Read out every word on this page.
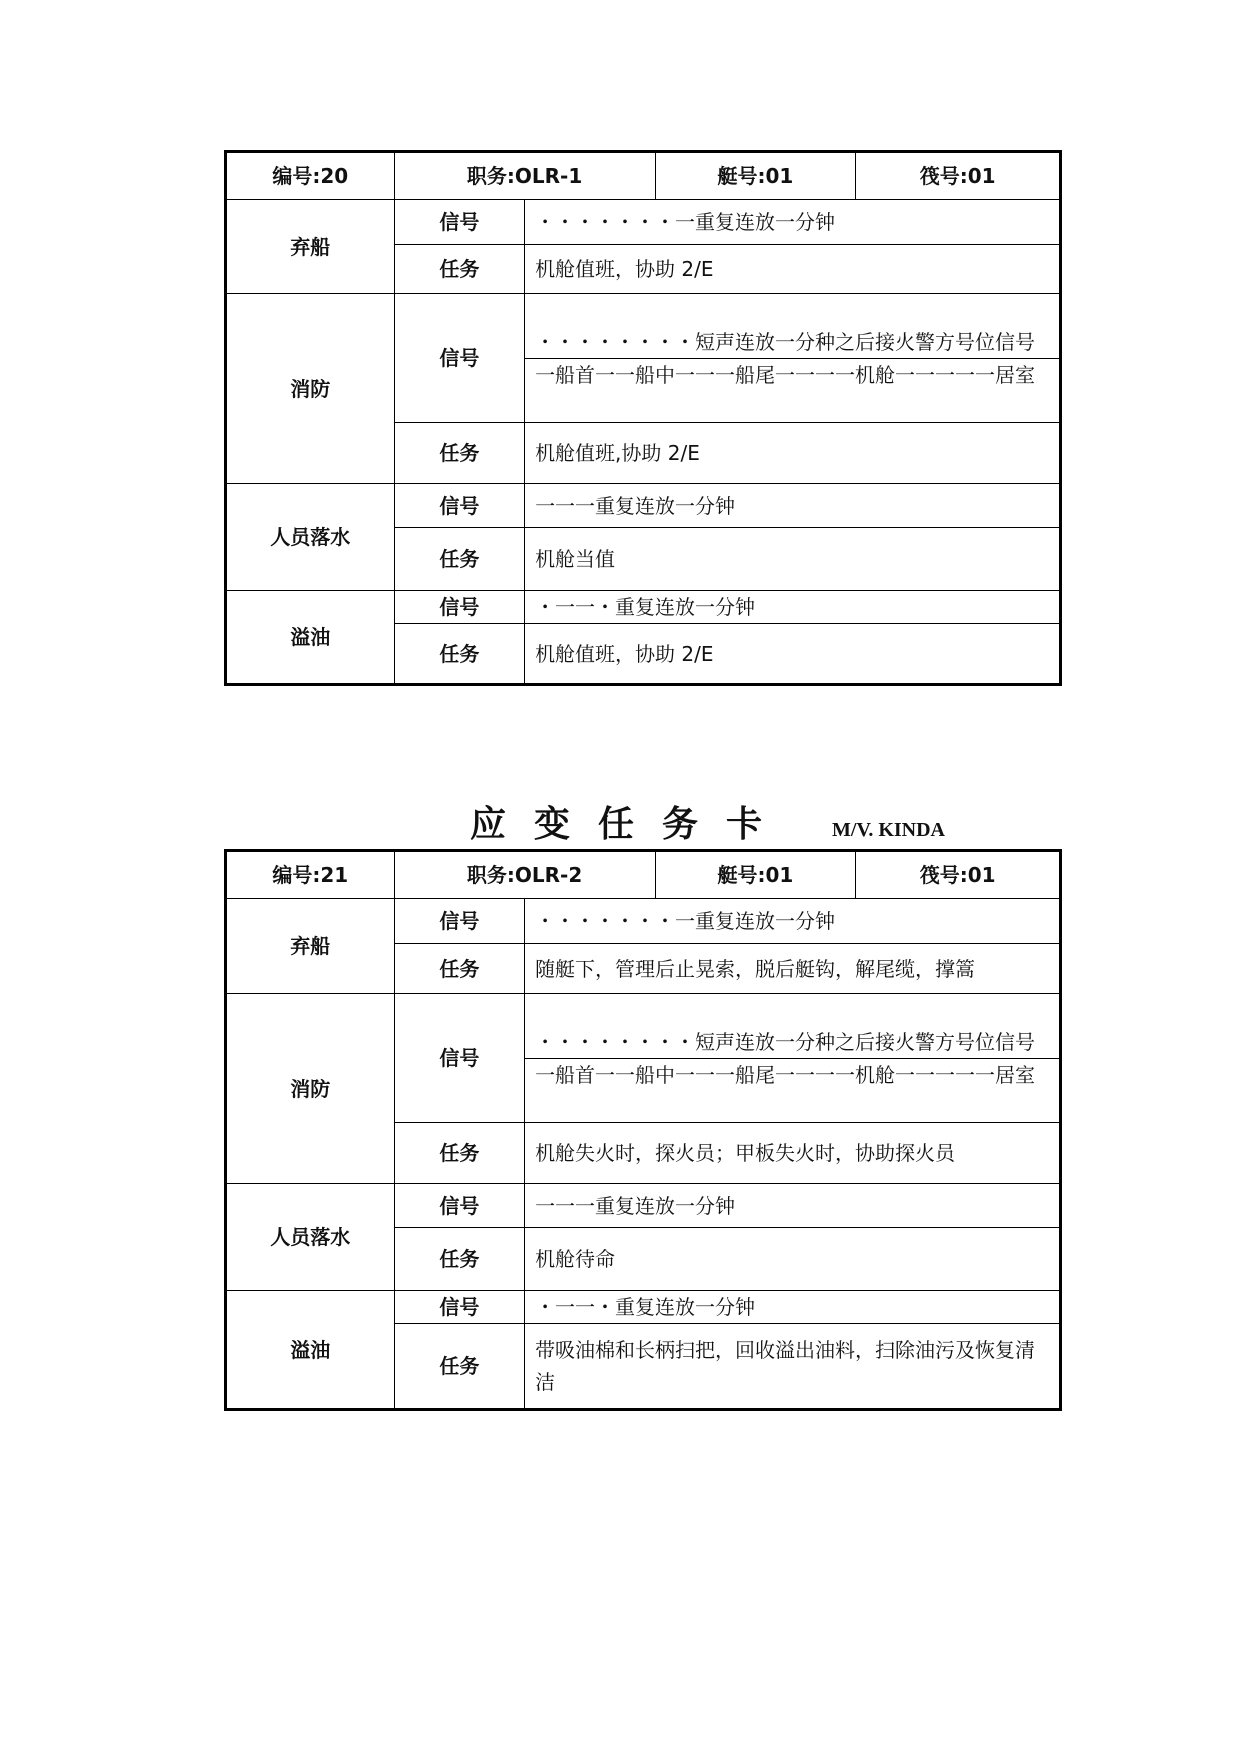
编号:20	职务:OLR-1		艇号:01	筏号:01
弃船	信号	・・・・・・・一重复连放一分钟		
	任务	机舱值班，协助 2/E		
消防	信号	・・・・・・・・短声连放一分种之后接火警方号位信号
一船首一一船中一一一船尾一一一一机舱一一一一一居室		

	任务	机舱值班,协助 2/E		
人员落水	信号	一一一重复连放一分钟		
	任务	机舱当值		
溢油	信号	・一一・重复连放一分钟		
	任务	机舱值班，协助 2/E		
应变任务卡 M/V. KINDA
编号:21	职务:OLR-2		艇号:01	筏号:01
弃船	信号	・・・・・・・一重复连放一分钟		
	任务	随艇下，管理后止晃索，脱后艇钩，解尾缆，撑篙		
消防	信号	・・・・・・・・短声连放一分种之后接火警方号位信号
一船首一一船中一一一船尾一一一一机舱一一一一一居室		

	任务	机舱失火时，探火员；甲板失火时，协助探火员		
人员落水	信号	一一一重复连放一分钟		
	任务	机舱待命		
溢油	信号	・一一・重复连放一分钟		
	任务	带吸油棉和长柄扫把，回收溢出油料，扫除油污及恢复清洁		
